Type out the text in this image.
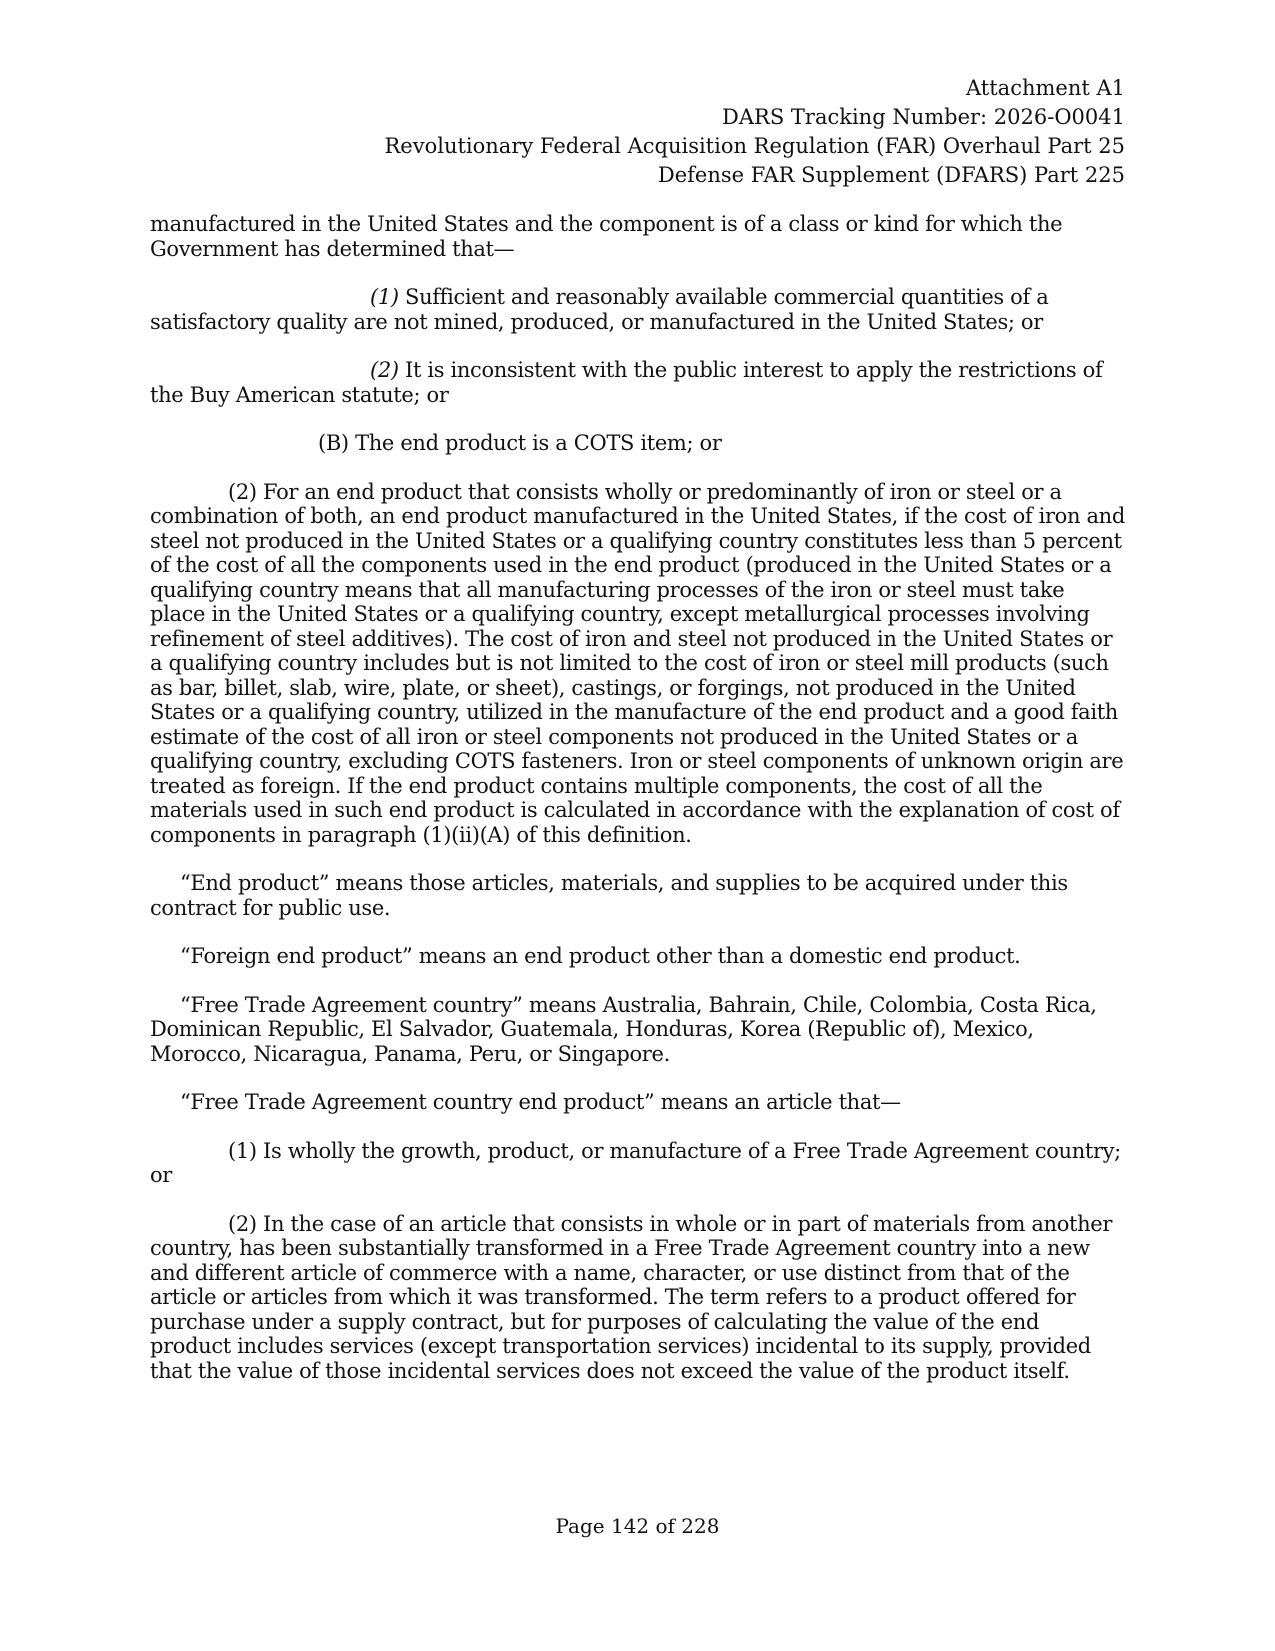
Attachment A1
DARS Tracking Number: 2026-O0041
Revolutionary Federal Acquisition Regulation (FAR) Overhaul Part 25
Defense FAR Supplement (DFARS) Part 225

manufactured in the United States and the component is of a class or kind for which the Government has determined that—

(1) Sufficient and reasonably available commercial quantities of a satisfactory quality are not mined, produced, or manufactured in the United States; or

(2) It is inconsistent with the public interest to apply the restrictions of the Buy American statute; or

(B) The end product is a COTS item; or

(2) For an end product that consists wholly or predominantly of iron or steel or a combination of both, an end product manufactured in the United States, if the cost of iron and steel not produced in the United States or a qualifying country constitutes less than 5 percent of the cost of all the components used in the end product (produced in the United States or a qualifying country means that all manufacturing processes of the iron or steel must take place in the United States or a qualifying country, except metallurgical processes involving refinement of steel additives). The cost of iron and steel not produced in the United States or a qualifying country includes but is not limited to the cost of iron or steel mill products (such as bar, billet, slab, wire, plate, or sheet), castings, or forgings, not produced in the United States or a qualifying country, utilized in the manufacture of the end product and a good faith estimate of the cost of all iron or steel components not produced in the United States or a qualifying country, excluding COTS fasteners. Iron or steel components of unknown origin are treated as foreign. If the end product contains multiple components, the cost of all the materials used in such end product is calculated in accordance with the explanation of cost of components in paragraph (1)(ii)(A) of this definition.

“End product” means those articles, materials, and supplies to be acquired under this contract for public use.

“Foreign end product” means an end product other than a domestic end product.

“Free Trade Agreement country” means Australia, Bahrain, Chile, Colombia, Costa Rica, Dominican Republic, El Salvador, Guatemala, Honduras, Korea (Republic of), Mexico, Morocco, Nicaragua, Panama, Peru, or Singapore.

“Free Trade Agreement country end product” means an article that—

(1) Is wholly the growth, product, or manufacture of a Free Trade Agreement country; or

(2) In the case of an article that consists in whole or in part of materials from another country, has been substantially transformed in a Free Trade Agreement country into a new and different article of commerce with a name, character, or use distinct from that of the article or articles from which it was transformed. The term refers to a product offered for purchase under a supply contract, but for purposes of calculating the value of the end product includes services (except transportation services) incidental to its supply, provided that the value of those incidental services does not exceed the value of the product itself.

Page 142 of 228
